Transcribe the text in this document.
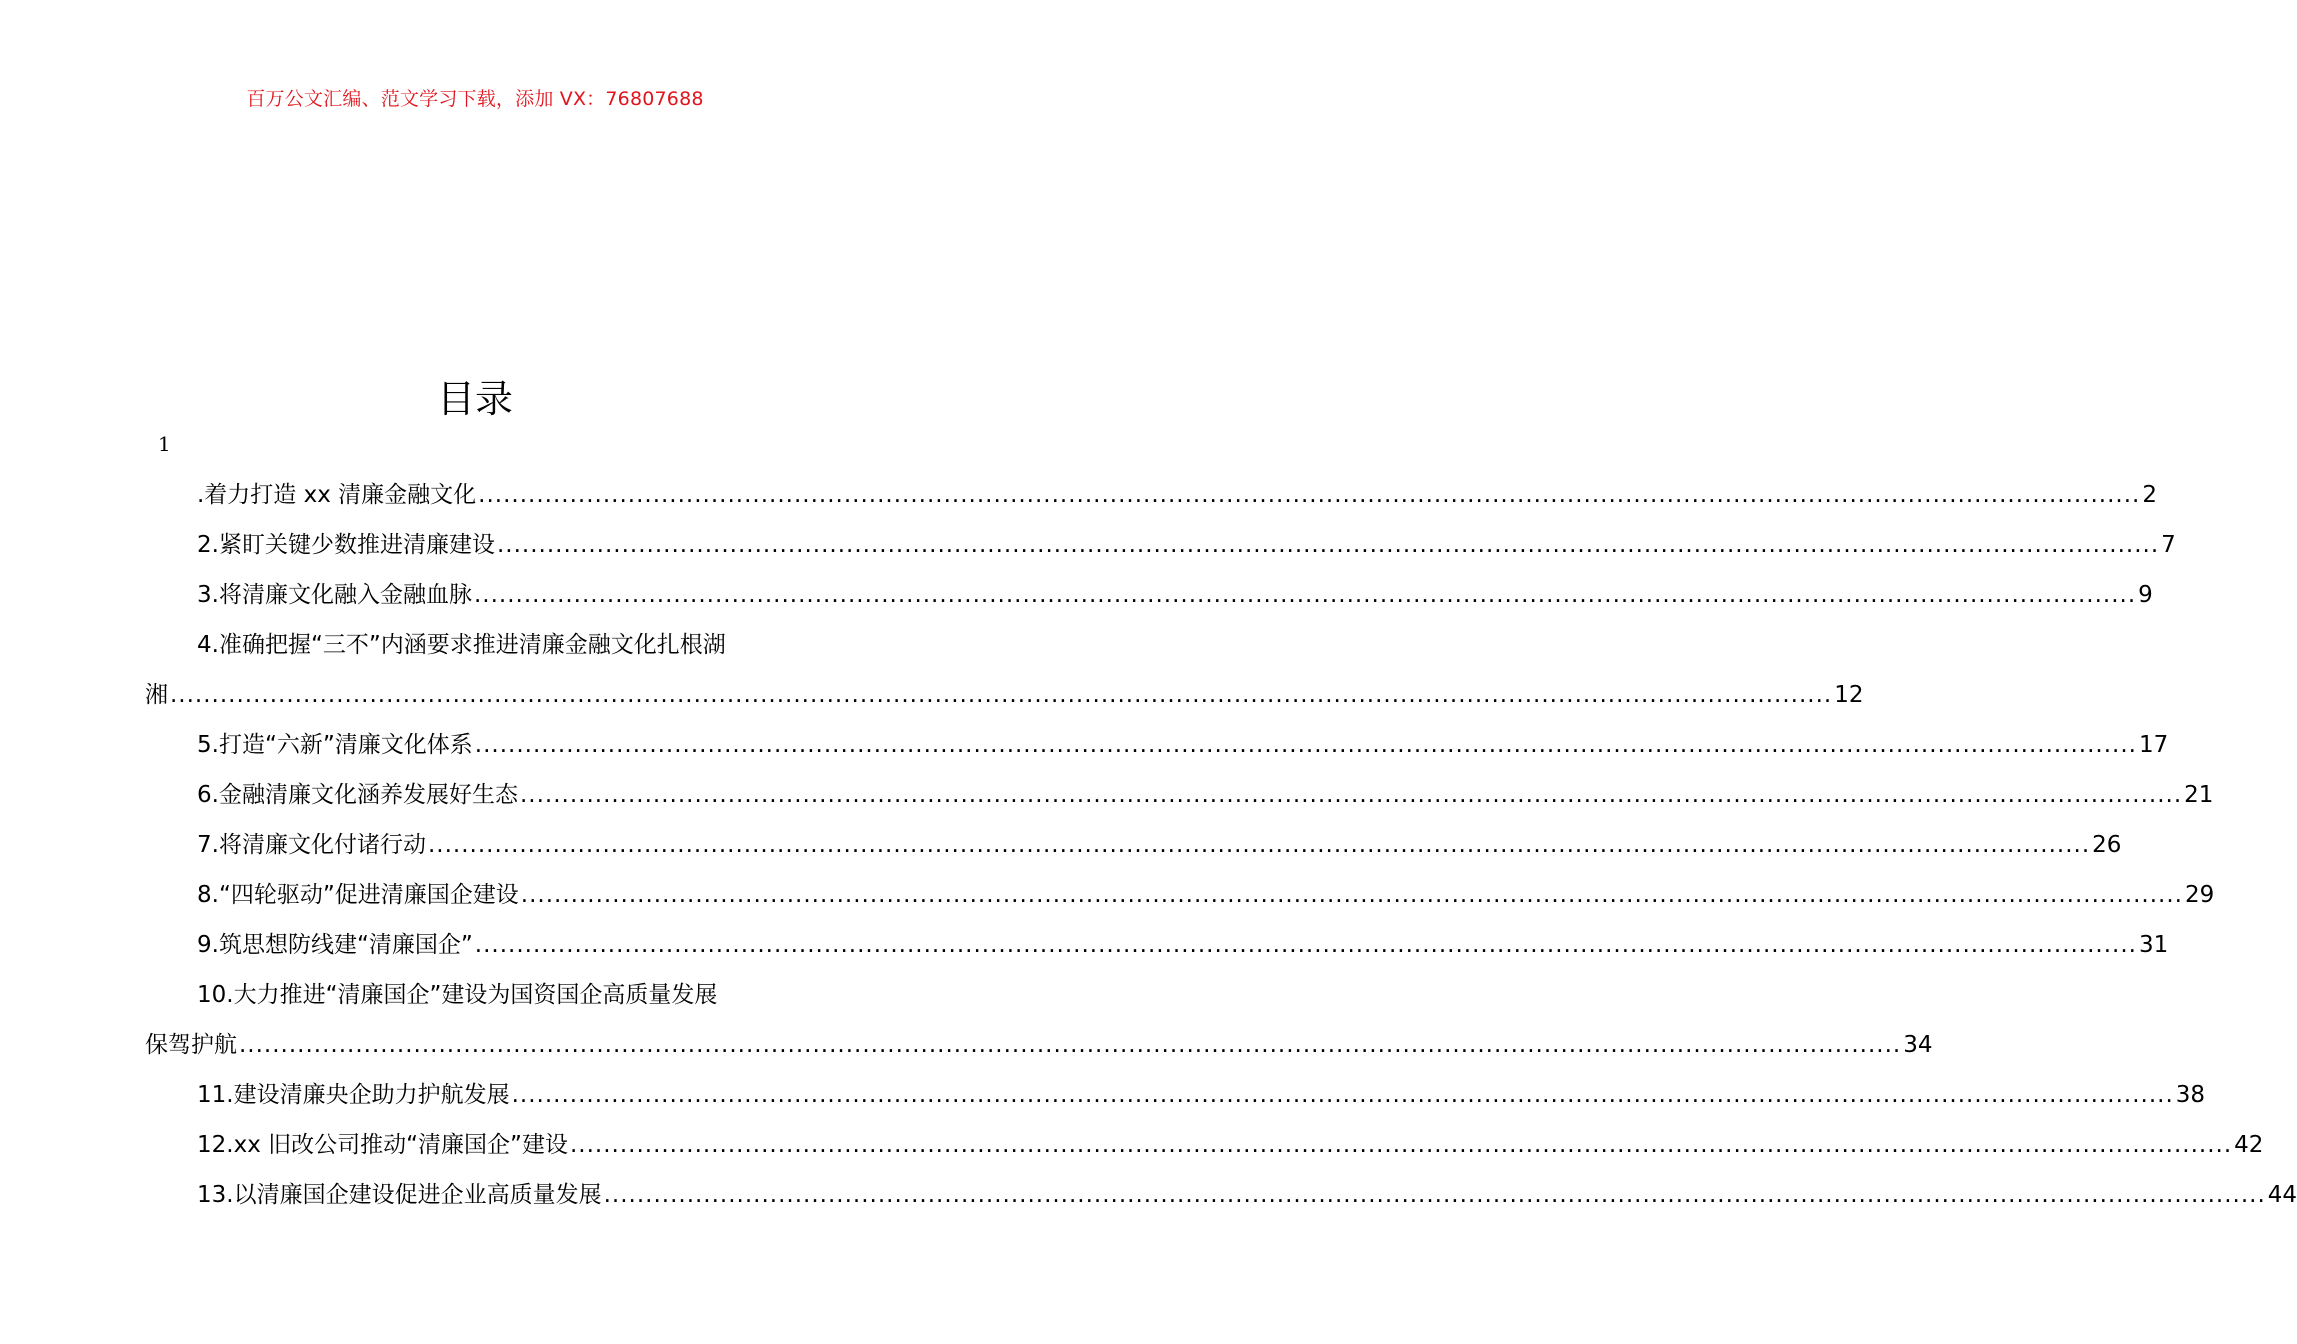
百万公文汇编、范文学习下载，添加 VX：76807688
目录
1
.着力打造 xx 清廉金融文化 ........................................................................................................................................................................................................ 2
2.紧盯关键少数推进清廉建设 ........................................................................................................................................................................................................ 7
3.将清廉文化融入金融血脉 ........................................................................................................................................................................................................ 9
4.准确把握“三不”内涵要求推进清廉金融文化扎根湖
湘 ........................................................................................................................................................................................................ 12
5.打造“六新”清廉文化体系 ........................................................................................................................................................................................................ 17
6.金融清廉文化涵养发展好生态 ........................................................................................................................................................................................................ 21
7.将清廉文化付诸行动 ........................................................................................................................................................................................................ 26
8.“四轮驱动”促进清廉国企建设 ........................................................................................................................................................................................................ 29
9.筑思想防线建“清廉国企” ........................................................................................................................................................................................................ 31
10.大力推进“清廉国企”建设为国资国企高质量发展
保驾护航 ........................................................................................................................................................................................................ 34
11.建设清廉央企助力护航发展 ........................................................................................................................................................................................................ 38
12.xx 旧改公司推动“清廉国企”建设 ........................................................................................................................................................................................................ 42
13.以清廉国企建设促进企业高质量发展 ........................................................................................................................................................................................................ 44
